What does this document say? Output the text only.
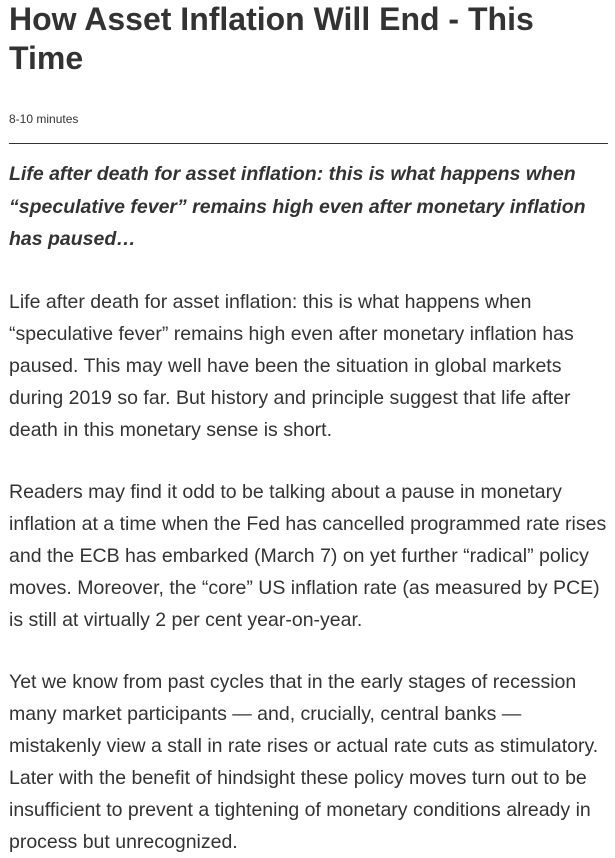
How Asset Inflation Will End - This Time

8-10 minutes

Life after death for asset inflation: this is what happens when “speculative fever” remains high even after monetary inflation has paused…

Life after death for asset inflation: this is what happens when “speculative fever” remains high even after monetary inflation has paused. This may well have been the situation in global markets during 2019 so far. But history and principle suggest that life after death in this monetary sense is short.

Readers may find it odd to be talking about a pause in monetary inflation at a time when the Fed has cancelled programmed rate rises and the ECB has embarked (March 7) on yet further “radical” policy moves. Moreover, the “core” US inflation rate (as measured by PCE) is still at virtually 2 per cent year-on-year.

Yet we know from past cycles that in the early stages of recession many market participants — and, crucially, central banks — mistakenly view a stall in rate rises or actual rate cuts as stimulatory. Later with the benefit of hindsight these policy moves turn out to be insufficient to prevent a tightening of monetary conditions already in process but unrecognized.
